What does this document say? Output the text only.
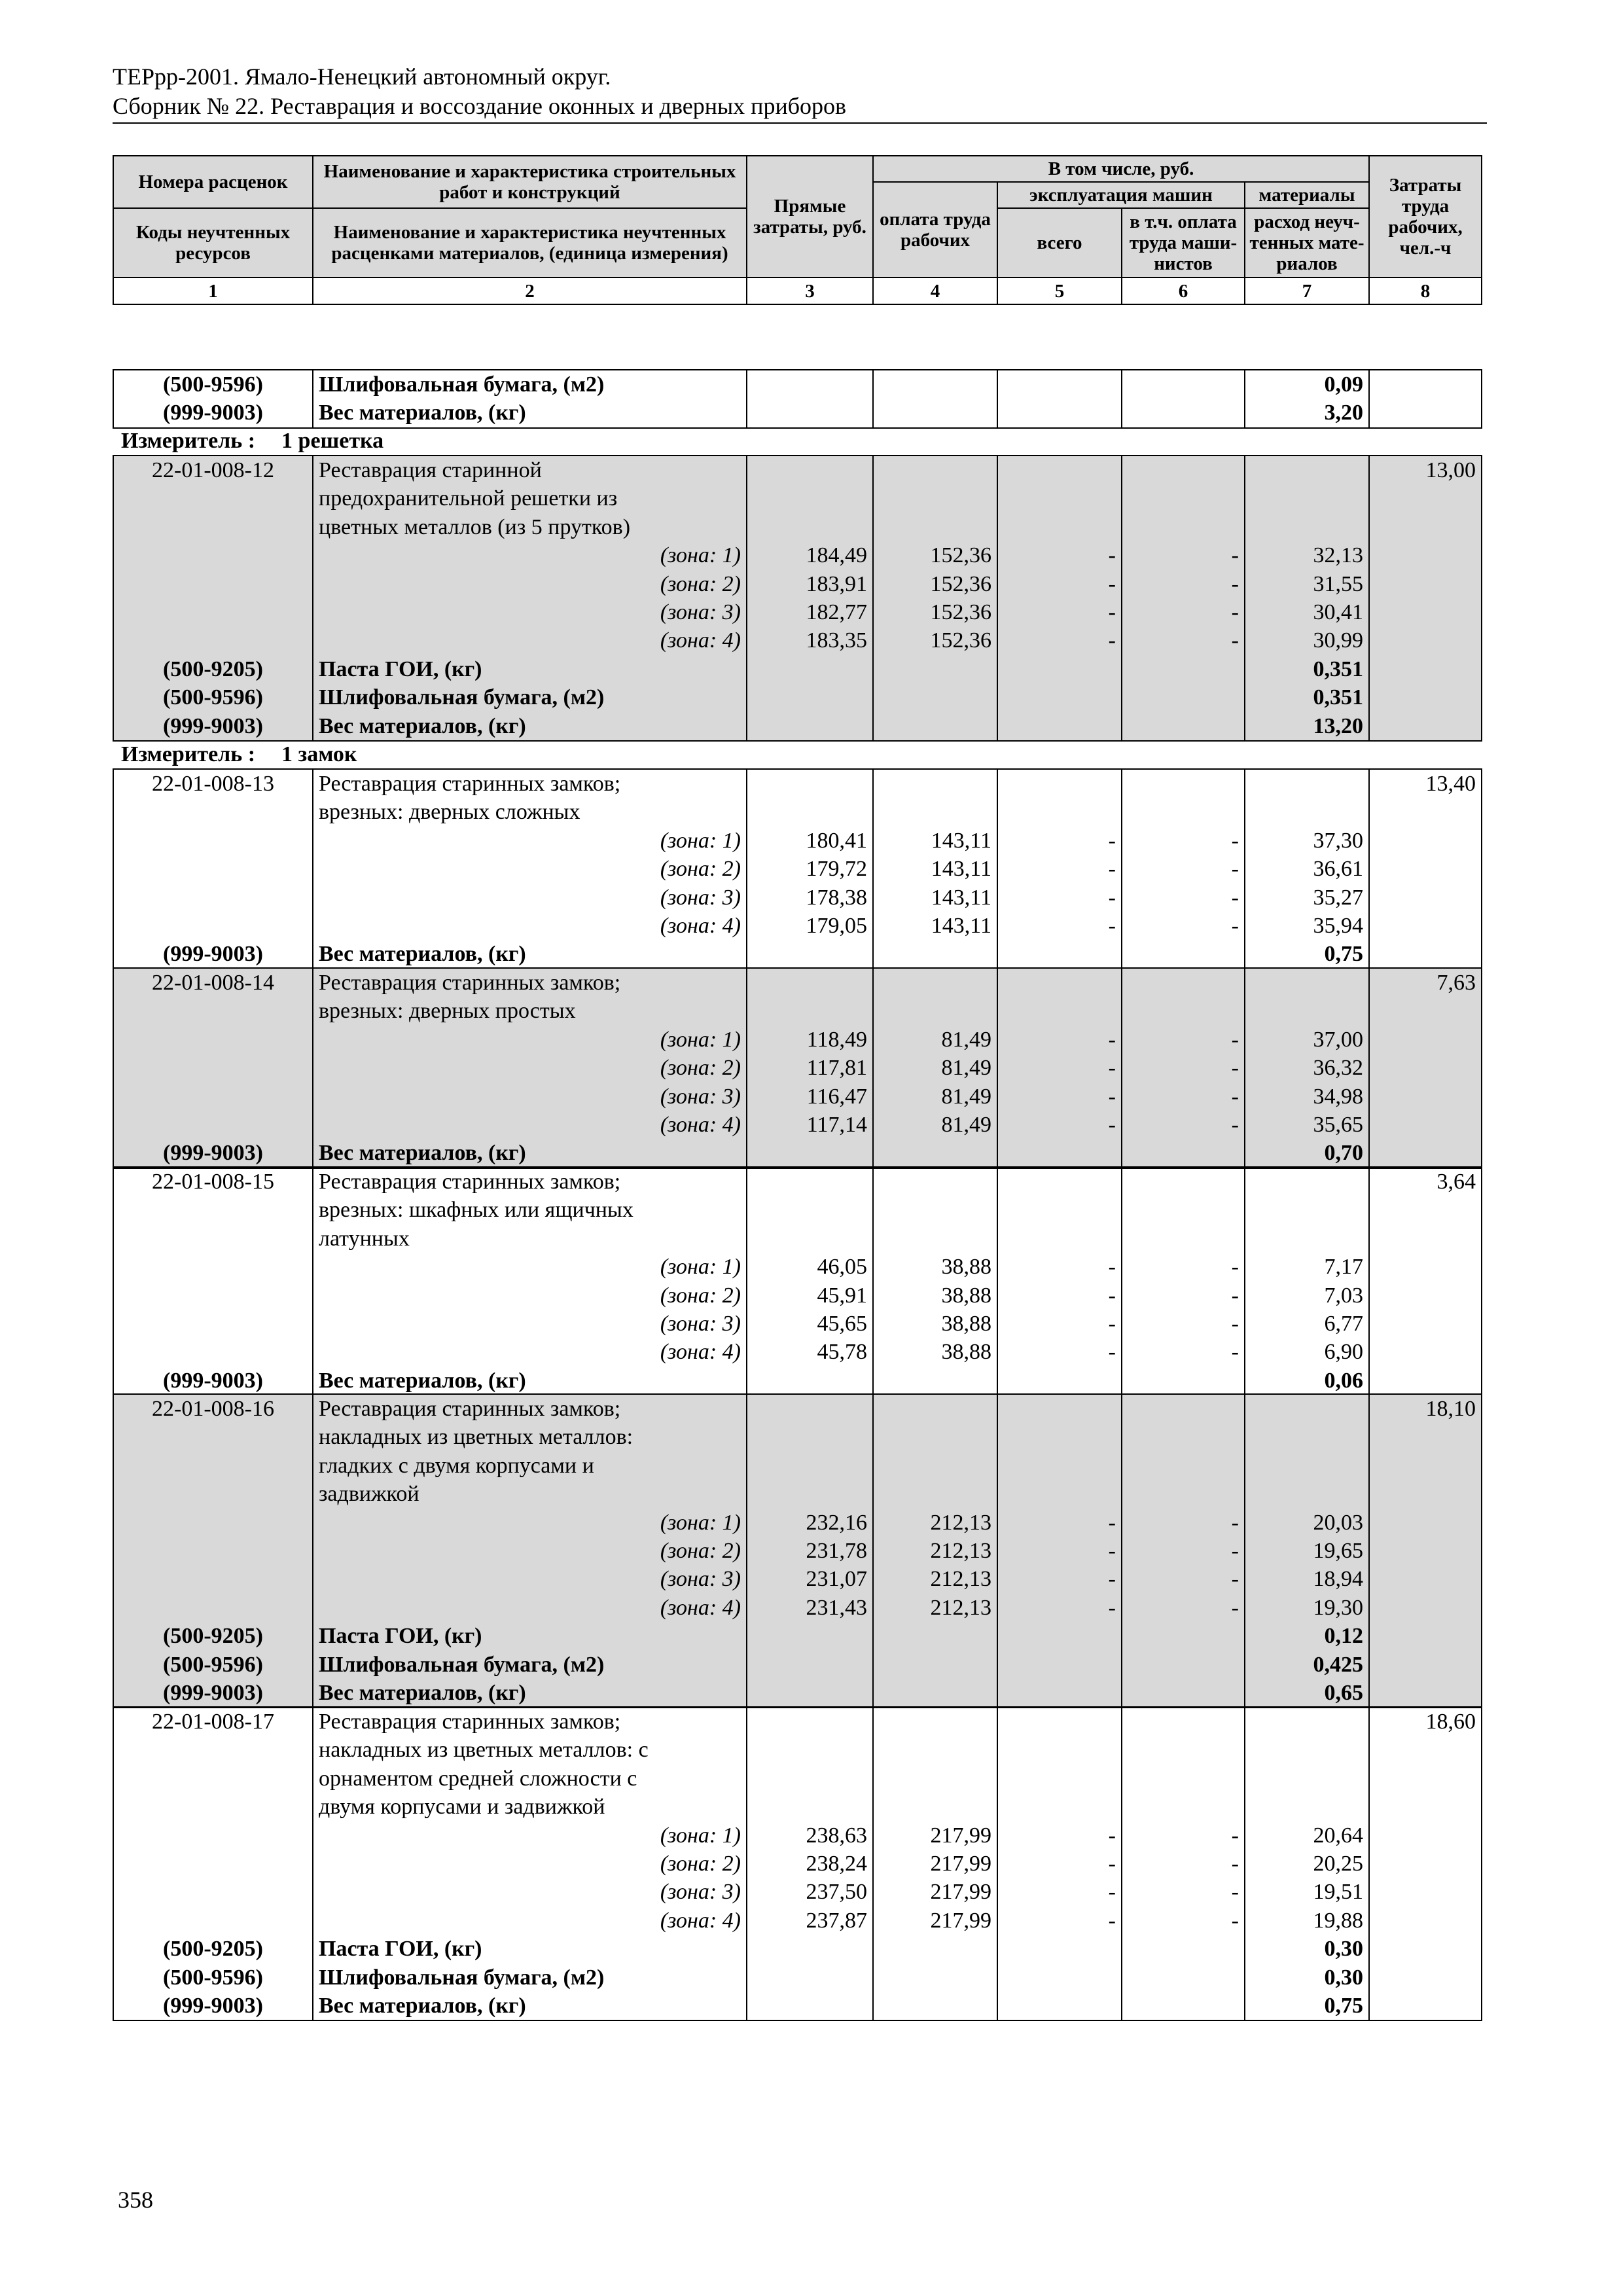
ТЕРрр-2001. Ямало-Ненецкий автономный округ.
Сборник № 22. Реставрация и воссоздание оконных и дверных приборов
Номера расценок	Наименование и характеристика строительных работ и конструкций	Прямые затраты, руб.	В том числе, руб.				Затраты труда рабочих, чел.-ч
			оплата труда рабочих	эксплуатация машин		материалы	
Коды неучтенных ресурсов	Наименование и характеристика неучтенных расценками материалов, (единица измерения)			всего	в т.ч. оплата труда маши-нистов	расход неуч-тенных мате-риалов	

1	2	3	4	5	6	7	8
(500-9596)	Шлифовальная бумага, (м2)					0,09	
(999-9003)	Вес материалов, (кг)					3,20	
Измеритель : 1 решетка
22-01-008-12	Реставрация старинной						13,00
	предохранительной решетки из						
	цветных металлов (из 5 прутков)						
	(зона: 1)	184,49	152,36	-	-	32,13	
	(зона: 2)	183,91	152,36	-	-	31,55	
	(зона: 3)	182,77	152,36	-	-	30,41	
	(зона: 4)	183,35	152,36	-	-	30,99	
(500-9205)	Паста ГОИ, (кг)					0,351	
(500-9596)	Шлифовальная бумага, (м2)					0,351	
(999-9003)	Вес материалов, (кг)					13,20	
Измеритель : 1 замок
22-01-008-13	Реставрация старинных замков;						13,40
	врезных: дверных сложных						
	(зона: 1)	180,41	143,11	-	-	37,30	
	(зона: 2)	179,72	143,11	-	-	36,61	
	(зона: 3)	178,38	143,11	-	-	35,27	
	(зона: 4)	179,05	143,11	-	-	35,94	
(999-9003)	Вес материалов, (кг)					0,75	
22-01-008-14	Реставрация старинных замков;						7,63
	врезных: дверных простых						
	(зона: 1)	118,49	81,49	-	-	37,00	
	(зона: 2)	117,81	81,49	-	-	36,32	
	(зона: 3)	116,47	81,49	-	-	34,98	
	(зона: 4)	117,14	81,49	-	-	35,65	
(999-9003)	Вес материалов, (кг)					0,70	
22-01-008-15	Реставрация старинных замков;						3,64
	врезных: шкафных или ящичных						
	латунных						
	(зона: 1)	46,05	38,88	-	-	7,17	
	(зона: 2)	45,91	38,88	-	-	7,03	
	(зона: 3)	45,65	38,88	-	-	6,77	
	(зона: 4)	45,78	38,88	-	-	6,90	
(999-9003)	Вес материалов, (кг)					0,06	
22-01-008-16	Реставрация старинных замков;						18,10
	накладных из цветных металлов:						
	гладких с двумя корпусами и						
	задвижкой						
	(зона: 1)	232,16	212,13	-	-	20,03	
	(зона: 2)	231,78	212,13	-	-	19,65	
	(зона: 3)	231,07	212,13	-	-	18,94	
	(зона: 4)	231,43	212,13	-	-	19,30	
(500-9205)	Паста ГОИ, (кг)					0,12	
(500-9596)	Шлифовальная бумага, (м2)					0,425	
(999-9003)	Вес материалов, (кг)					0,65	
22-01-008-17	Реставрация старинных замков;						18,60
	накладных из цветных металлов: с						
	орнаментом средней сложности с						
	двумя корпусами и задвижкой						
	(зона: 1)	238,63	217,99	-	-	20,64	
	(зона: 2)	238,24	217,99	-	-	20,25	
	(зона: 3)	237,50	217,99	-	-	19,51	
	(зона: 4)	237,87	217,99	-	-	19,88	
(500-9205)	Паста ГОИ, (кг)					0,30	
(500-9596)	Шлифовальная бумага, (м2)					0,30	
(999-9003)	Вес материалов, (кг)					0,75	
358
